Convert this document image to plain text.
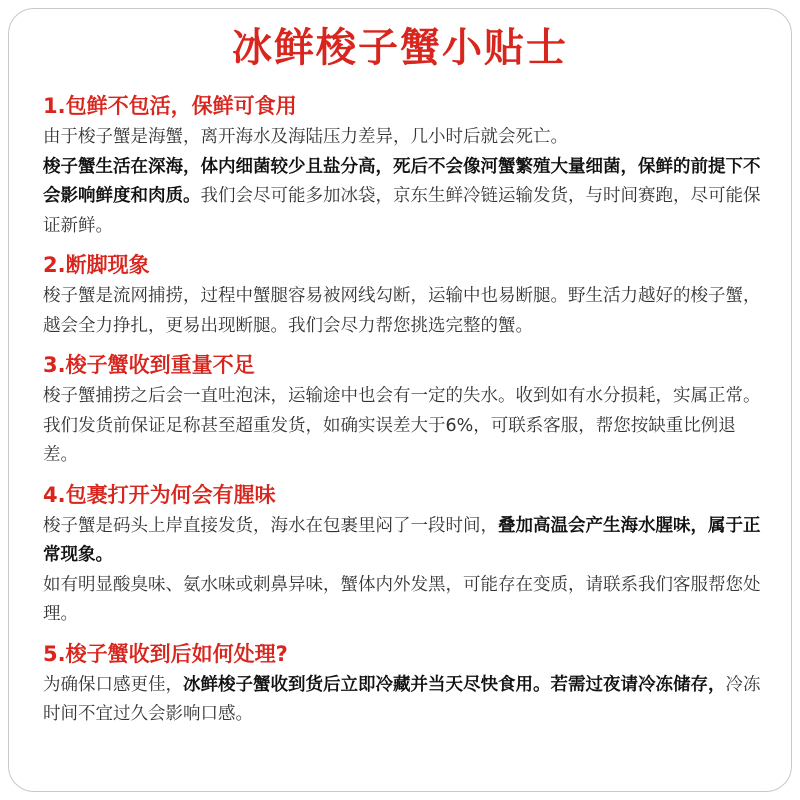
冰鲜梭子蟹小贴士
1.包鲜不包活，保鲜可食用

由于梭子蟹是海蟹，离开海水及海陆压力差异，几小时后就会死亡。

梭子蟹生活在深海，体内细菌较少且盐分高，死后不会像河蟹繁殖大量细菌，保鲜的前提下不会影响鲜度和肉质。我们会尽可能多加冰袋，京东生鲜冷链运输发货，与时间赛跑，尽可能保证新鲜。

2.断脚现象

梭子蟹是流网捕捞，过程中蟹腿容易被网线勾断，运输中也易断腿。野生活力越好的梭子蟹，越会全力挣扎，更易出现断腿。我们会尽力帮您挑选完整的蟹。

3.梭子蟹收到重量不足

梭子蟹捕捞之后会一直吐泡沫，运输途中也会有一定的失水。收到如有水分损耗，实属正常。我们发货前保证足称甚至超重发货，如确实误差大于6%，可联系客服，帮您按缺重比例退差。

4.包裹打开为何会有腥味

梭子蟹是码头上岸直接发货，海水在包裹里闷了一段时间，叠加高温会产生海水腥味，属于正常现象。

如有明显酸臭味、氨水味或刺鼻异味，蟹体内外发黑，可能存在变质，请联系我们客服帮您处理。

5.梭子蟹收到后如何处理?

为确保口感更佳，冰鲜梭子蟹收到货后立即冷藏并当天尽快食用。若需过夜请冷冻储存，冷冻时间不宜过久会影响口感。
